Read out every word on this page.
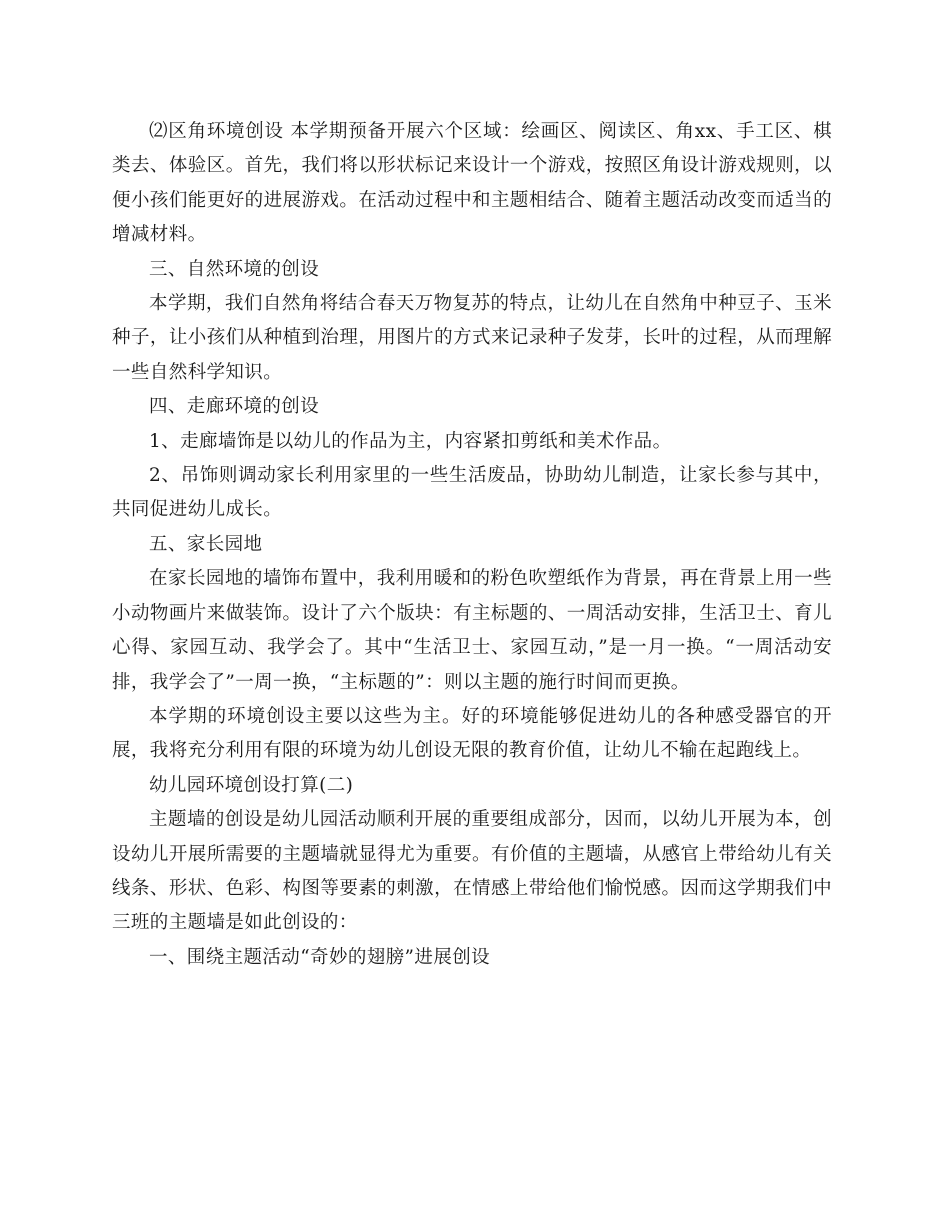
⑵区角环境创设 本学期预备开展六个区域：绘画区、阅读区、角xx、手工区、棋类去、体验区。首先，我们将以形状标记来设计一个游戏，按照区角设计游戏规则，以便小孩们能更好的进展游戏。在活动过程中和主题相结合、随着主题活动改变而适当的增减材料。

三、自然环境的创设

本学期，我们自然角将结合春天万物复苏的特点，让幼儿在自然角中种豆子、玉米种子，让小孩们从种植到治理，用图片的方式来记录种子发芽，长叶的过程，从而理解一些自然科学知识。

四、走廊环境的创设

1、走廊墙饰是以幼儿的作品为主，内容紧扣剪纸和美术作品。

2、吊饰则调动家长利用家里的一些生活废品，协助幼儿制造，让家长参与其中，共同促进幼儿成长。

五、家长园地

在家长园地的墙饰布置中，我利用暖和的粉色吹塑纸作为背景，再在背景上用一些小动物画片来做装饰。设计了六个版块：有主标题的、一周活动安排，生活卫士、育儿心得、家园互动、我学会了。其中“生活卫士、家园互动，”是一月一换。“一周活动安排，我学会了”一周一换，“主标题的”：则以主题的施行时间而更换。

本学期的环境创设主要以这些为主。好的环境能够促进幼儿的各种感受器官的开展，我将充分利用有限的环境为幼儿创设无限的教育价值，让幼儿不输在起跑线上。

幼儿园环境创设打算(二)

主题墙的创设是幼儿园活动顺利开展的重要组成部分，因而，以幼儿开展为本，创设幼儿开展所需要的主题墙就显得尤为重要。有价值的主题墙，从感官上带给幼儿有关线条、形状、色彩、构图等要素的刺激，在情感上带给他们愉悦感。因而这学期我们中三班的主题墙是如此创设的：

一、围绕主题活动“奇妙的翅膀”进展创设
